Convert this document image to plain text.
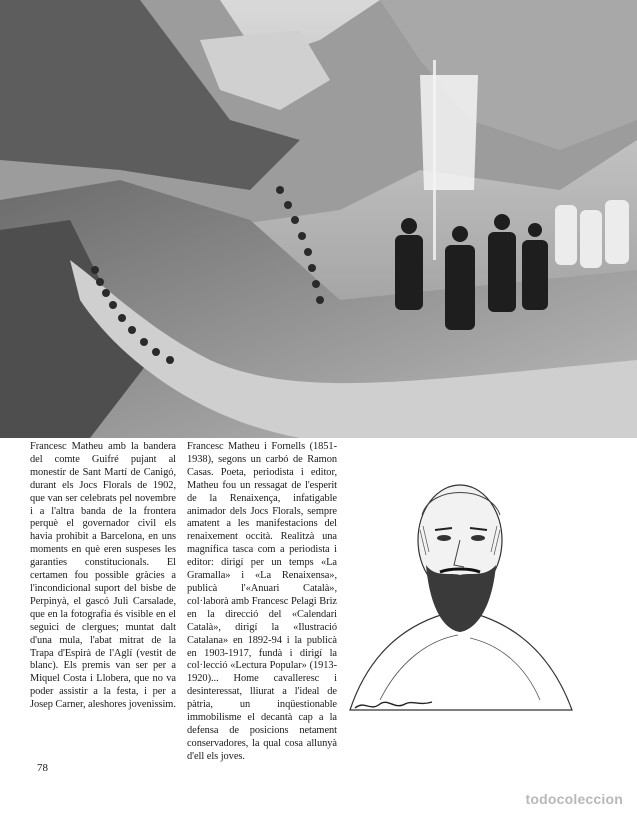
Francesc Matheu amb la bandera del comte Guifré pujant al monestir de Sant Martí de Canigó, durant els Jocs Florals de 1902, que van ser celebrats pel novembre i a l'altra banda de la frontera perquè el governador civil els havia prohibit a Barcelona, en uns moments en què eren suspeses les garanties constitucionals. El certamen fou possible gràcies a l'incondicional suport del bisbe de Perpinyà, el gascó Juli Carsalade, que en la fotografia és visible en el seguici de clergues; muntat dalt d'una mula, l'abat mitrat de la Trapa d'Espirà de l'Aglí (vestit de blanc). Els premis van ser per a Miquel Costa i Llobera, que no va poder assistir a la festa, i per a Josep Carner, aleshores jovenissim.
Francesc Matheu i Fornells (1851-1938), segons un carbó de Ramon Casas. Poeta, periodista i editor, Matheu fou un ressagat de l'esperit de la Renaixença, infatigable animador dels Jocs Florals, sempre amatent a les manifestacions del renaixement occità. Realitzà una magnífica tasca com a periodista i editor: dirigí per un temps «La Gramalla» i «La Renaixensa», publicà l'«Anuari Català», col·laborà amb Francesc Pelagi Briz en la direcció del «Calendari Català», dirigí la «Ilustració Catalana» en 1892-94 i la publicà en 1903-1917, fundà i dirigí la col·lecció «Lectura Popular» (1913-1920)... Home cavalleresc i desinteressat, lliurat a l'ideal de pàtria, un inqüestionable immobilisme el decantà cap a la defensa de posicions netament conservadores, la qual cosa allunyà d'ell els joves.
78
todocoleccion
